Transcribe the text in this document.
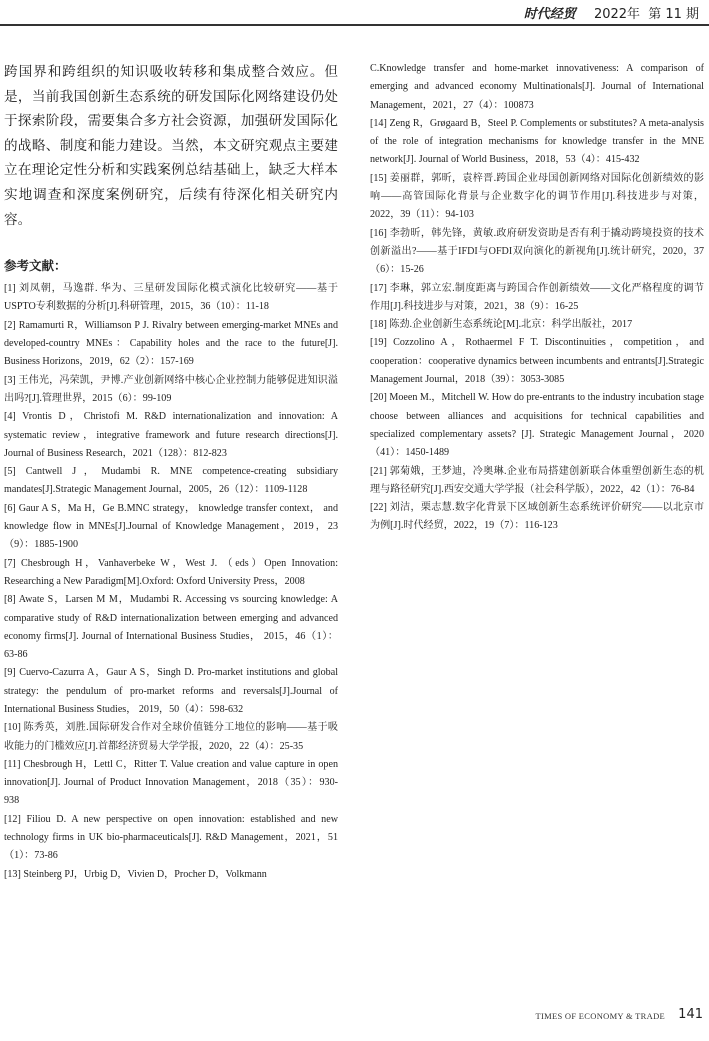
时代经贸 2022年 第 11 期

跨国界和跨组织的知识吸收转移和集成整合效应。但是，当前我国创新生态系统的研发国际化网络建设仍处于探索阶段，需要集合多方社会资源，加强研发国际化的战略、制度和能力建设。当然，本文研究观点主要建立在理论定性分析和实践案例总结基础上，缺乏大样本实地调查和深度案例研究，后续有待深化相关研究内容。

参考文献：

[1] 刘凤朝，马逸群. 华为、三星研发国际化模式演化比较研究——基于USPTO专利数据的分析[J].科研管理，2015，36（10）：11-18

[2] Ramamurti R，Williamson P J. Rivalry between emerging-market MNEs and developed-country MNEs：Capability holes and the race to the future[J]. Business Horizons，2019，62（2）：157-169

[3] 王伟光，冯荣凯，尹博.产业创新网络中核心企业控制力能够促进知识溢出吗?[J].管理世界，2015（6）：99-109

[4] Vrontis D，Christofi M. R&D internationalization and innovation: A systematic review，integrative framework and future research directions[J]. Journal of Business Research，2021（128）：812-823

[5] Cantwell J，Mudambi R. MNE competence-creating subsidiary mandates[J].Strategic Management Journal，2005，26（12）：1109-1128

[6] Gaur A S，Ma H，Ge B.MNC strategy， knowledge transfer context， and knowledge flow in MNEs[J].Journal of Knowledge Management，2019，23（9）：1885-1900

[7] Chesbrough H，Vanhaverbeke W，West J. （eds）Open Innovation: Researching a New Paradigm[M].Oxford: Oxford University Press，2008

[8] Awate S，Larsen M M，Mudambi R. Accessing vs sourcing knowledge: A comparative study of R&D internationalization between emerging and advanced economy firms[J]. Journal of International Business Studies， 2015，46（1）：63-86

[9] Cuervo-Cazurra A，Gaur A S，Singh D. Pro-market institutions and global strategy: the pendulum of pro-market reforms and reversals[J].Journal of International Business Studies， 2019，50（4）：598-632

[10] 陈秀英，刘胜.国际研发合作对全球价值链分工地位的影响——基于吸收能力的门槛效应[J].首都经济贸易大学学报，2020，22（4）：25-35

[11] Chesbrough H，Lettl C，Ritter T. Value creation and value capture in open innovation[J]. Journal of Product Innovation Management，2018（35）：930-938

[12] Filiou D. A new perspective on open innovation: established and new technology firms in UK bio-pharmaceuticals[J]. R&D Management，2021，51（1）：73-86

[13] Steinberg PJ，Urbig D，Vivien D，Procher D，Volkmann

C.Knowledge transfer and home-market innovativeness: A comparison of emerging and advanced economy Multinationals[J]. Journal of International Management，2021，27（4）：100873

[14] Zeng R，Grøgaard B，Steel P. Complements or substitutes? A meta-analysis of the role of integration mechanisms for knowledge transfer in the MNE network[J]. Journal of World Business，2018，53（4）：415-432

[15] 姜丽群，郭昕，袁梓晋.跨国企业母国创新网络对国际化创新绩效的影响——高管国际化背景与企业数字化的调节作用[J].科技进步与对策，2022，39（11）：94-103

[16] 李勃昕，韩先锋，黄敏.政府研发资助是否有利于撬动跨境投资的技术创新溢出?——基于IFDI与OFDI双向演化的新视角[J].统计研究，2020，37（6）：15-26

[17] 李琳，郭立宏.制度距离与跨国合作创新绩效——文化严格程度的调节作用[J].科技进步与对策，2021，38（9）：16-25

[18] 陈劲.企业创新生态系统论[M].北京：科学出版社，2017

[19] Cozzolino A，Rothaermel F T. Discontinuities，competition，and cooperation：cooperative dynamics between incumbents and entrants[J].Strategic Management Journal，2018（39）：3053-3085

[20] Moeen M.，Mitchell W. How do pre-entrants to the industry incubation stage choose between alliances and acquisitions for technical capabilities and specialized complementary assets? [J]. Strategic Management Journal，2020（41）：1450-1489

[21] 郭菊娥，王梦迪，冷奥琳.企业布局搭建创新联合体重塑创新生态的机理与路径研究[J].西安交通大学学报（社会科学版），2022，42（1）：76-84

[22] 刘洁，栗志慧.数字化背景下区域创新生态系统评价研究——以北京市为例[J].时代经贸，2022，19（7）：116-123

TIMES OF ECONOMY & TRADE 141
